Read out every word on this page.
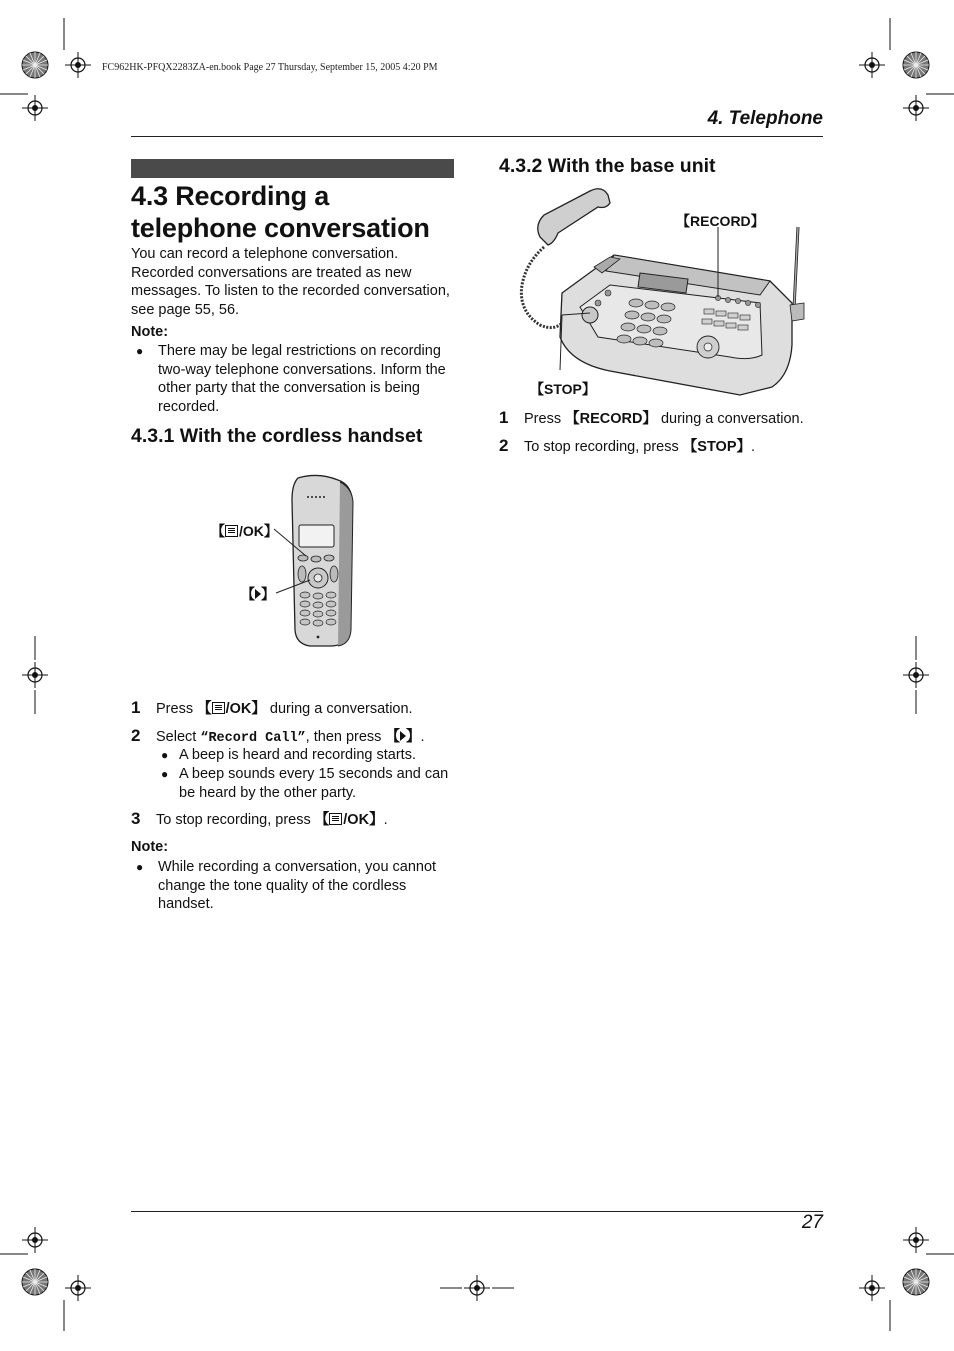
FC962HK-PFQX2283ZA-en.book Page 27 Thursday, September 15, 2005 4:20 PM
4. Telephone
4.3 Recording a telephone conversation

You can record a telephone conversation. Recorded conversations are treated as new messages. To listen to the recorded conversation, see page 55, 56.

Note:
●	There may be legal restrictions on recording two-way telephone conversations. Inform the other party that the conversation is being recorded.
4.3.1 With the cordless handset
【 /OK】
【 】
1	Press 【 /OK】 during a conversation.
2	Select “Record Call”, then press 【 】.
● A beep is heard and recording starts.
● A beep sounds every 15 seconds and can be heard by the other party.
3	To stop recording, press 【 /OK】.
Note:
●	While recording a conversation, you cannot change the tone quality of the cordless handset.
4.3.2 With the base unit
【RECORD】
【STOP】
1	Press 【RECORD】 during a conversation.
2	To stop recording, press 【STOP】.
27
